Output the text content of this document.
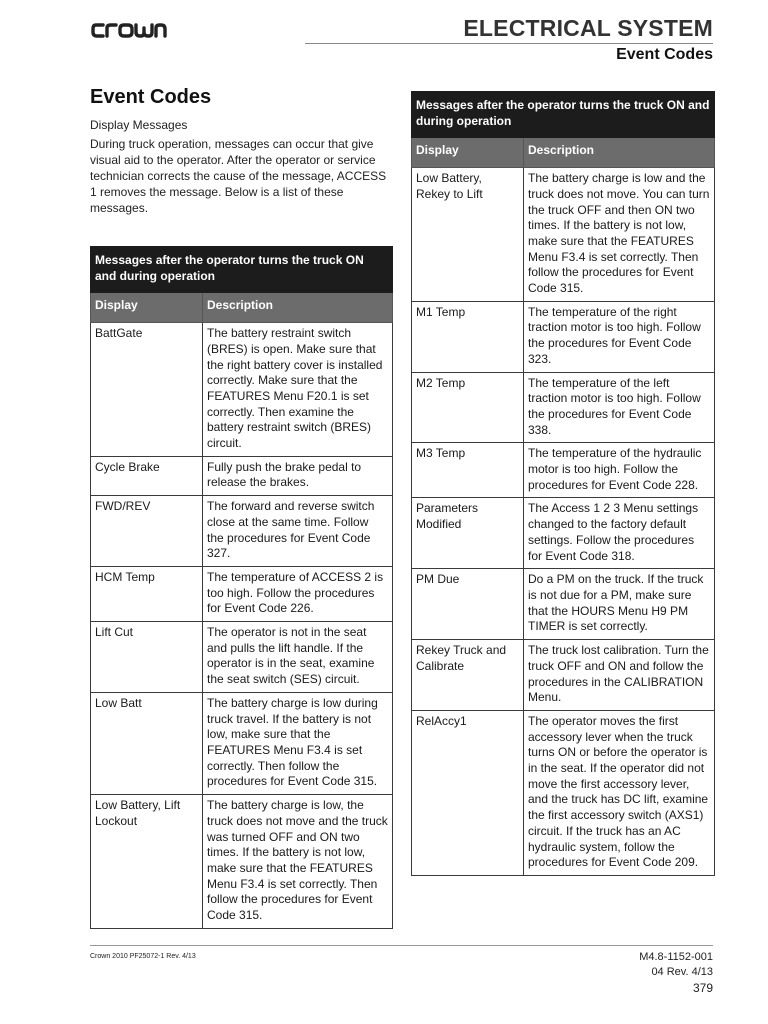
ELECTRICAL SYSTEM
Event Codes
Event Codes
Display Messages

During truck operation, messages can occur that give visual aid to the operator. After the operator or service technician corrects the cause of the message, ACCESS 1 removes the message. Below is a list of these messages.

Messages after the operator turns the truck ON and during operation	
Display	Description
BattGate	The battery restraint switch (BRES) is open. Make sure that the right battery cover is installed correctly. Make sure that the FEATURES Menu F20.1 is set correctly. Then examine the battery restraint switch (BRES) circuit.
Cycle Brake	Fully push the brake pedal to release the brakes.
FWD/REV	The forward and reverse switch close at the same time. Follow the procedures for Event Code 327.
HCM Temp	The temperature of ACCESS 2 is too high. Follow the procedures for Event Code 226.
Lift Cut	The operator is not in the seat and pulls the lift handle. If the operator is in the seat, examine the seat switch (SES) circuit.
Low Batt	The battery charge is low during truck travel. If the battery is not low, make sure that the FEATURES Menu F3.4 is set correctly. Then follow the procedures for Event Code 315.
Low Battery, Lift Lockout	The battery charge is low, the truck does not move and the truck was turned OFF and ON two times. If the battery is not low, make sure that the FEATURES Menu F3.4 is set correctly. Then follow the procedures for Event Code 315.
Messages after the operator turns the truck ON and during operation	
Display	Description
Low Battery, Rekey to Lift	The battery charge is low and the truck does not move. You can turn the truck OFF and then ON two times. If the battery is not low, make sure that the FEATURES Menu F3.4 is set correctly. Then follow the procedures for Event Code 315.
M1 Temp	The temperature of the right traction motor is too high. Follow the procedures for Event Code 323.
M2 Temp	The temperature of the left traction motor is too high. Follow the procedures for Event Code 338.
M3 Temp	The temperature of the hydraulic motor is too high. Follow the procedures for Event Code 228.
Parameters Modified	The Access 1 2 3 Menu settings changed to the factory default settings. Follow the procedures for Event Code 318.
PM Due	Do a PM on the truck. If the truck is not due for a PM, make sure that the HOURS Menu H9 PM TIMER is set correctly.
Rekey Truck and Calibrate	The truck lost calibration. Turn the truck OFF and ON and follow the procedures in the CALIBRATION Menu.
RelAccy1	The operator moves the first accessory lever when the truck turns ON or before the operator is in the seat. If the operator did not move the first accessory lever, and the truck has DC lift, examine the first accessory switch (AXS1) circuit. If the truck has an AC hydraulic system, follow the procedures for Event Code 209.
Crown 2010 PF25072-1 Rev. 4/13	M4.8-1152-001
04 Rev. 4/13
379
